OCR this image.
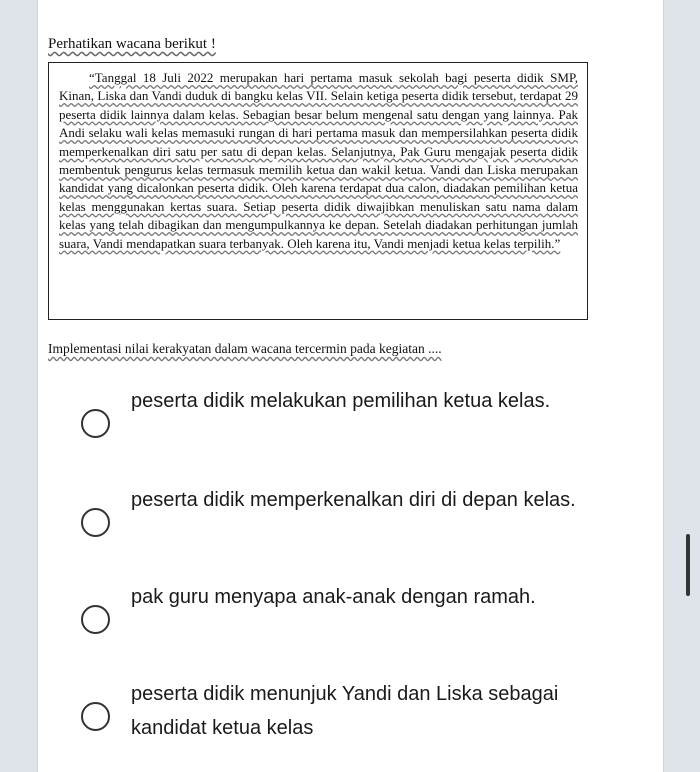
Perhatikan wacana berikut !

“Tanggal 18 Juli 2022 merupakan hari pertama masuk sekolah bagi peserta didik SMP, Kinan, Liska dan Vandi duduk di bangku kelas VII. Selain ketiga peserta didik tersebut, terdapat 29 peserta didik lainnya dalam kelas. Sebagian besar belum mengenal satu dengan yang lainnya. Pak Andi selaku wali kelas memasuki rungan di hari pertama masuk dan mempersilahkan peserta didik memperkenalkan diri satu per satu di depan kelas. Selanjutnya, Pak Guru mengajak peserta didik membentuk pengurus kelas termasuk memilih ketua dan wakil ketua. Vandi dan Liska merupakan kandidat yang dicalonkan peserta didik. Oleh karena terdapat dua calon, diadakan pemilihan ketua kelas menggunakan kertas suara. Setiap peserta didik diwajibkan menuliskan satu nama dalam kelas yang telah dibagikan dan mengumpulkannya ke depan. Setelah diadakan perhitungan jumlah suara, Vandi mendapatkan suara terbanyak. Oleh karena itu, Vandi menjadi ketua kelas terpilih.”

Implementasi nilai kerakyatan dalam wacana tercermin pada kegiatan ....

peserta didik melakukan pemilihan ketua kelas.
peserta didik memperkenalkan diri di depan kelas.
pak guru menyapa anak-anak dengan ramah.
peserta didik menunjuk Yandi dan Liska sebagai kandidat ketua kelas
